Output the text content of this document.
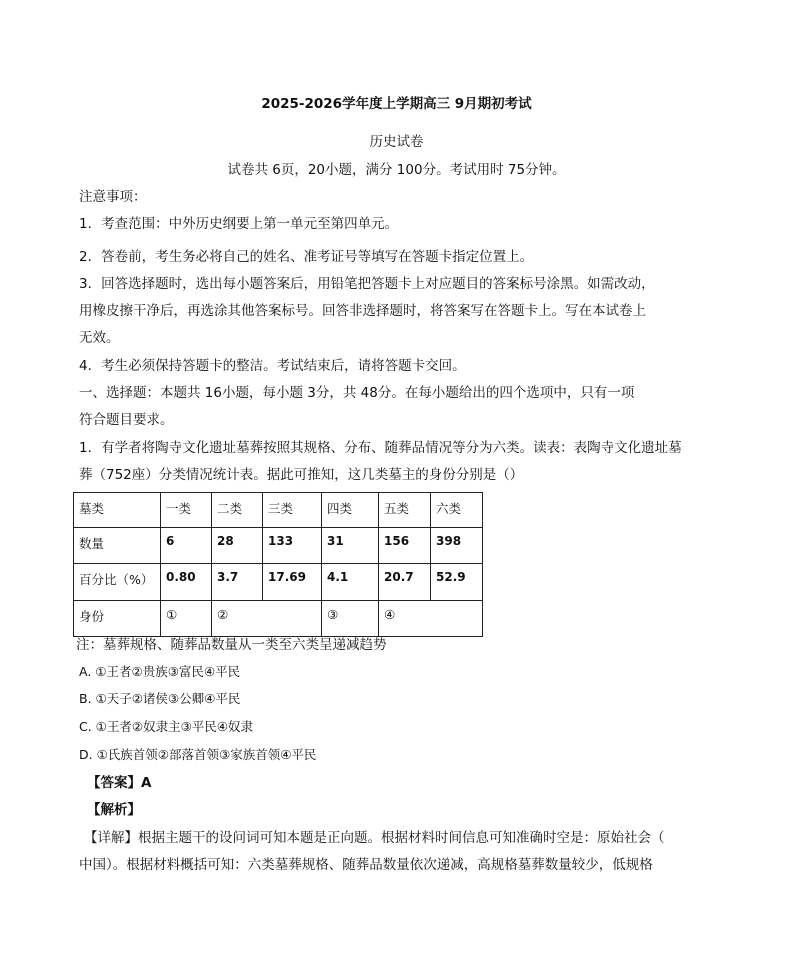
2025-2026学年度上学期高三 9月期初考试
历史试卷
试卷共 6页，20小题，满分 100分。考试用时 75分钟。
注意事项：
1．考查范围：中外历史纲要上第一单元至第四单元。
2．答卷前，考生务必将自己的姓名、准考证号等填写在答题卡指定位置上。
3．回答选择题时，选出每小题答案后，用铅笔把答题卡上对应题目的答案标号涂黑。如需改动，
用橡皮擦干净后，再选涂其他答案标号。回答非选择题时，将答案写在答题卡上。写在本试卷上
无效。
4．考生必须保持答题卡的整洁。考试结束后，请将答题卡交回。
一、选择题：本题共 16小题，每小题 3分，共 48分。在每小题给出的四个选项中，只有一项
符合题目要求。
1．有学者将陶寺文化遗址墓葬按照其规格、分布、随葬品情况等分为六类。读表：表陶寺文化遗址墓
葬（752座）分类情况统计表。据此可推知，这几类墓主的身份分别是（）
墓类	一类	二类	三类	四类	五类	六类
数量	6	28	133	31	156	398
百分比（%）	0.80	3.7	17.69	4.1	20.7	52.9
身份	①	②		③	④	
注：墓葬规格、随葬品数量从一类至六类呈递减趋势
A. ①王者②贵族③富民④平民
B. ①天子②诸侯③公卿④平民
C. ①王者②奴隶主③平民④奴隶
D. ①氏族首领②部落首领③家族首领④平民
【答案】A
【解析】
【详解】根据主题干的设问词可知本题是正向题。根据材料时间信息可知准确时空是：原始社会（
中国）。根据材料概括可知：六类墓葬规格、随葬品数量依次递减，高规格墓葬数量较少，低规格
